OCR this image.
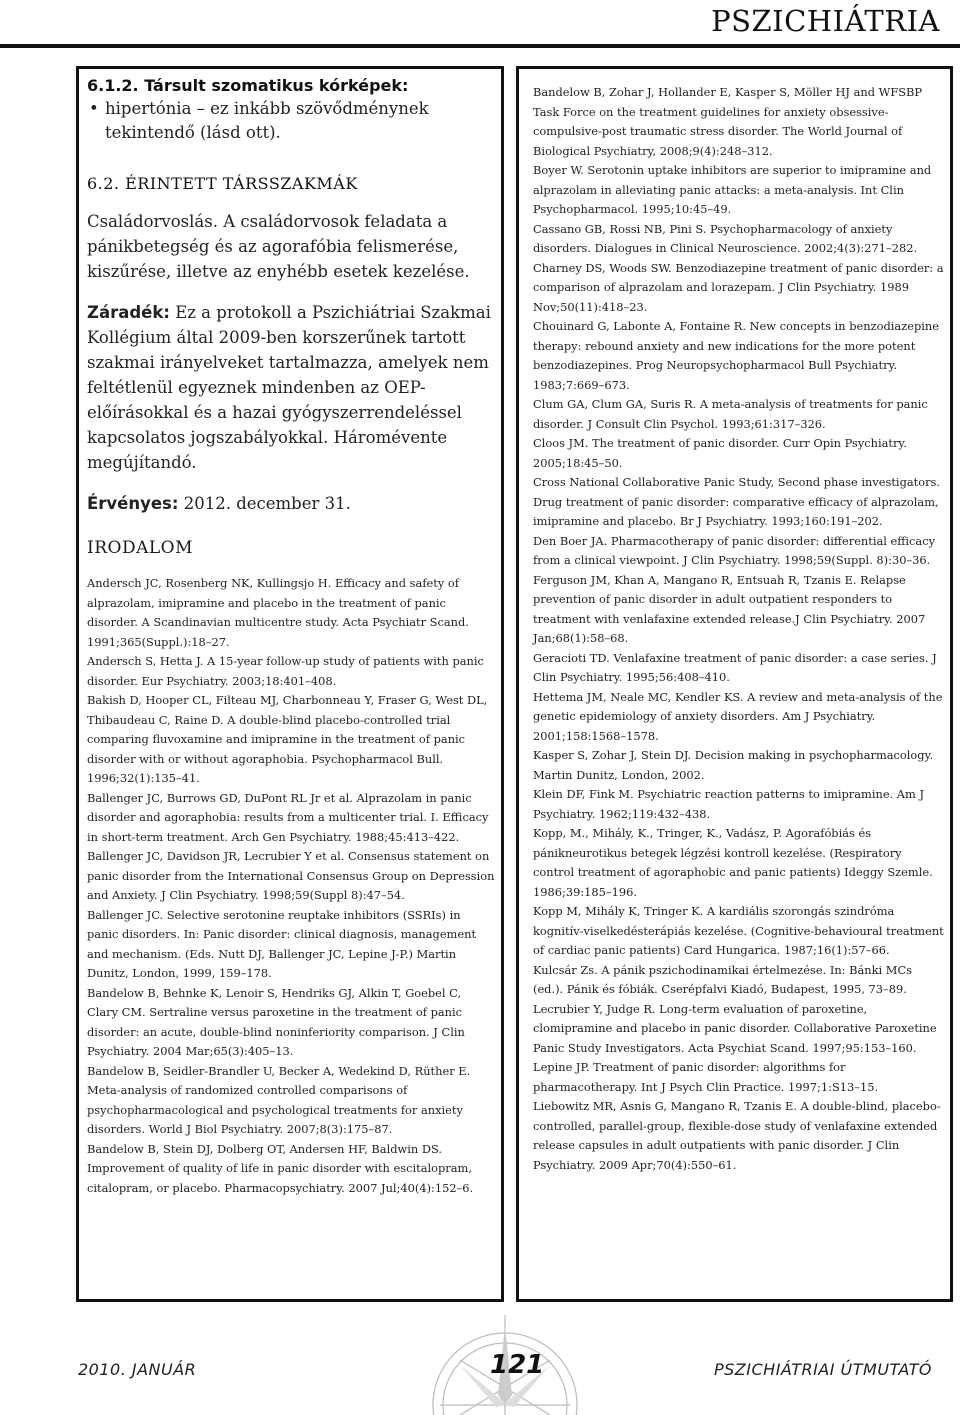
PSZICHIÁTRIA
6.1.2. Társult szomatikus kórképek:
• hipertónia – ez inkább szövődménynek tekintendő (lásd ott).
6.2. ÉRINTETT TÁRSSZAKMÁK
Családorvoslás. A családorvosok feladata a pánikbetegség és az agorafóbia felismerése, kiszűrése, illetve az enyhébb esetek kezelése.
Záradék: Ez a protokoll a Pszichiátriai Szakmai Kollégium által 2009-ben korszerűnek tartott szakmai irányelveket tartalmazza, amelyek nem feltétlenül egyeznek mindenben az OEP-előírásokkal és a hazai gyógyszerrendeléssel kapcsolatos jogszabályokkal. Háromévente megújítandó.
Érvényes: 2012. december 31.
IRODALOM

Andersch JC, Rosenberg NK, Kullingsjo H. Efficacy and safety of alprazolam, imipramine and placebo in the treatment of panic disorder. A Scandinavian multicentre study. Acta Psychiatr Scand. 1991;365(Suppl.):18–27.

Andersch S, Hetta J. A 15-year follow-up study of patients with panic disorder. Eur Psychiatry. 2003;18:401–408.

Bakish D, Hooper CL, Filteau MJ, Charbonneau Y, Fraser G, West DL, Thibaudeau C, Raine D. A double-blind placebo-controlled trial comparing fluvoxamine and imipramine in the treatment of panic disorder with or without agoraphobia. Psychopharmacol Bull. 1996;32(1):135–41.

Ballenger JC, Burrows GD, DuPont RL Jr et al. Alprazolam in panic disorder and agoraphobia: results from a multicenter trial. I. Efficacy in short-term treatment. Arch Gen Psychiatry. 1988;45:413–422.

Ballenger JC, Davidson JR, Lecrubier Y et al. Consensus statement on panic disorder from the International Consensus Group on Depression and Anxiety. J Clin Psychiatry. 1998;59(Suppl 8):47–54.

Ballenger JC. Selective serotonine reuptake inhibitors (SSRIs) in panic disorders. In: Panic disorder: clinical diagnosis, management and mechanism. (Eds. Nutt DJ, Ballenger JC, Lepine J-P.) Martin Dunitz, London, 1999, 159–178.

Bandelow B, Behnke K, Lenoir S, Hendriks GJ, Alkin T, Goebel C, Clary CM. Sertraline versus paroxetine in the treatment of panic disorder: an acute, double-blind noninferiority comparison. J Clin Psychiatry. 2004 Mar;65(3):405–13.

Bandelow B, Seidler-Brandler U, Becker A, Wedekind D, Rüther E. Meta-analysis of randomized controlled comparisons of psychopharmacological and psychological treatments for anxiety disorders. World J Biol Psychiatry. 2007;8(3):175–87.

Bandelow B, Stein DJ, Dolberg OT, Andersen HF, Baldwin DS. Improvement of quality of life in panic disorder with escitalopram, citalopram, or placebo. Pharmacopsychiatry. 2007 Jul;40(4):152–6.

Bandelow B, Zohar J, Hollander E, Kasper S, Möller HJ and WFSBP Task Force on the treatment guidelines for anxiety obsessive-compulsive-post traumatic stress disorder. The World Journal of Biological Psychiatry, 2008;9(4):248–312.

Boyer W. Serotonin uptake inhibitors are superior to imipramine and alprazolam in alleviating panic attacks: a meta-analysis. Int Clin Psychopharmacol. 1995;10:45–49.

Cassano GB, Rossi NB, Pini S. Psychopharmacology of anxiety disorders. Dialogues in Clinical Neuroscience. 2002;4(3):271–282.

Charney DS, Woods SW. Benzodiazepine treatment of panic disorder: a comparison of alprazolam and lorazepam. J Clin Psychiatry. 1989 Nov;50(11):418–23.

Chouinard G, Labonte A, Fontaine R. New concepts in benzodiazepine therapy: rebound anxiety and new indications for the more potent benzodiazepines. Prog Neuropsychopharmacol Bull Psychiatry. 1983;7:669–673.

Clum GA, Clum GA, Suris R. A meta-analysis of treatments for panic disorder. J Consult Clin Psychol. 1993;61:317–326.

Cloos JM. The treatment of panic disorder. Curr Opin Psychiatry. 2005;18:45–50.

Cross National Collaborative Panic Study, Second phase investigators. Drug treatment of panic disorder: comparative efficacy of alprazolam, imipramine and placebo. Br J Psychiatry. 1993;160:191–202.

Den Boer JA. Pharmacotherapy of panic disorder: differential efficacy from a clinical viewpoint. J Clin Psychiatry. 1998;59(Suppl. 8):30–36.

Ferguson JM, Khan A, Mangano R, Entsuah R, Tzanis E. Relapse prevention of panic disorder in adult outpatient responders to treatment with venlafaxine extended release.J Clin Psychiatry. 2007 Jan;68(1):58–68.

Geracioti TD. Venlafaxine treatment of panic disorder: a case series. J Clin Psychiatry. 1995;56:408–410.

Hettema JM, Neale MC, Kendler KS. A review and meta-analysis of the genetic epidemiology of anxiety disorders. Am J Psychiatry. 2001;158:1568–1578.

Kasper S, Zohar J, Stein DJ. Decision making in psychopharmacology. Martin Dunitz, London, 2002.

Klein DF, Fink M. Psychiatric reaction patterns to imipramine. Am J Psychiatry. 1962;119:432–438.

Kopp, M., Mihály, K., Tringer, K., Vadász, P. Agorafóbiás és pánikneurotikus betegek légzési kontroll kezelése. (Respiratory control treatment of agoraphobic and panic patients) Ideggy Szemle. 1986;39:185–196.

Kopp M, Mihály K, Tringer K. A kardiális szorongás szindróma kognitív-viselkedésterápiás kezelése. (Cognitive-behavioural treatment of cardiac panic patients) Card Hungarica. 1987;16(1):57–66.

Kulcsár Zs. A pánik pszichodinamikai értelmezése. In: Bánki MCs (ed.). Pánik és fóbiák. Cserépfalvi Kiadó, Budapest, 1995, 73–89.

Lecrubier Y, Judge R. Long-term evaluation of paroxetine, clomipramine and placebo in panic disorder. Collaborative Paroxetine Panic Study Investigators. Acta Psychiat Scand. 1997;95:153–160.

Lepine JP. Treatment of panic disorder: algorithms for pharmacotherapy. Int J Psych Clin Practice. 1997;1:S13–15.

Liebowitz MR, Asnis G, Mangano R, Tzanis E. A double-blind, placebo-controlled, parallel-group, flexible-dose study of venlafaxine extended release capsules in adult outpatients with panic disorder. J Clin Psychiatry. 2009 Apr;70(4):550–61.

2010. JANUÁR	121	PSZICHIÁTRIAI ÚTMUTATÓ
